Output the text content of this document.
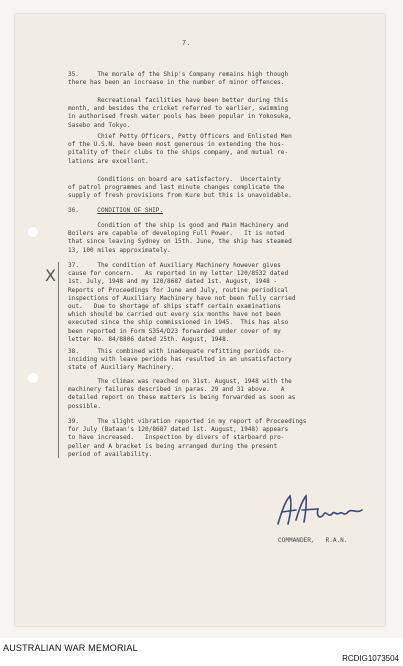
7.
35.     The morale of the Ship's Company remains high though
there has been an increase in the number of minor offences.
Recreational facilities have been better during this
month, and besides the cricket referred to earlier, swimming
in authorised fresh water pools has been popular in Yokosuka,
Sasebo and Tokyo.
Chief Petty Officers, Petty Officers and Enlisted Men
of the U.S.N. have been most generous in extending the hos-
pitality of their clubs to the ships company, and mutual re-
lations are excellent.
Conditions on board are satisfactory.  Uncertainty
of patrol programmes and last minute changes complicate the
supply of fresh provisions from Kure but this is unavoidable.
36.	CONDITION OF SHIP.
Condition of the ship is good and Main Machinery and
Boilers are capable of developing Full Power.   It is noted
that since leaving Sydney on 15th. June, the ship has steamed
13, 100 miles approximately.
37.     The condition of Auxiliary Machinery however gives
cause for concern.   As reported in my letter 120/8532 dated
1st. July, 1948 and my 120/8687 dated 1st. August, 1948 -
Reports of Proceedings for June and July, routine periodical
inspections of Auxiliary Machinery have not been fully carried
out.   Due to shortage of ships staff certain examinations
which should be carried out every six months have not been
executed since the ship commissioned in 1945.  This has also
been reported in Form S354/D23 forwarded under cover of my
letter No. 84/8806 dated 25th. August, 1948.
38.     This combined with inadequate refitting periods co-
inciding with leave periods has resulted in an unsatisfactory
state of Auxiliary Machinery.
The climax was reached on 31st. August, 1948 with the
machinery failures described in paras. 29 and 31 above.   A
detailed report on these matters is being forwarded as soon as
possible.
39.     The slight vibration reported in my report of Proceedings
for July (Bataan's 120/8687 dated 1st. August, 1948) appears
to have increased.   Inspection by divers of starboard pro-
peller and A bracket is being arranged during the present
period of availability.
X
COMMANDER,   R.A.N.
AUSTRALIAN WAR MEMORIAL
RCDIG1073504
